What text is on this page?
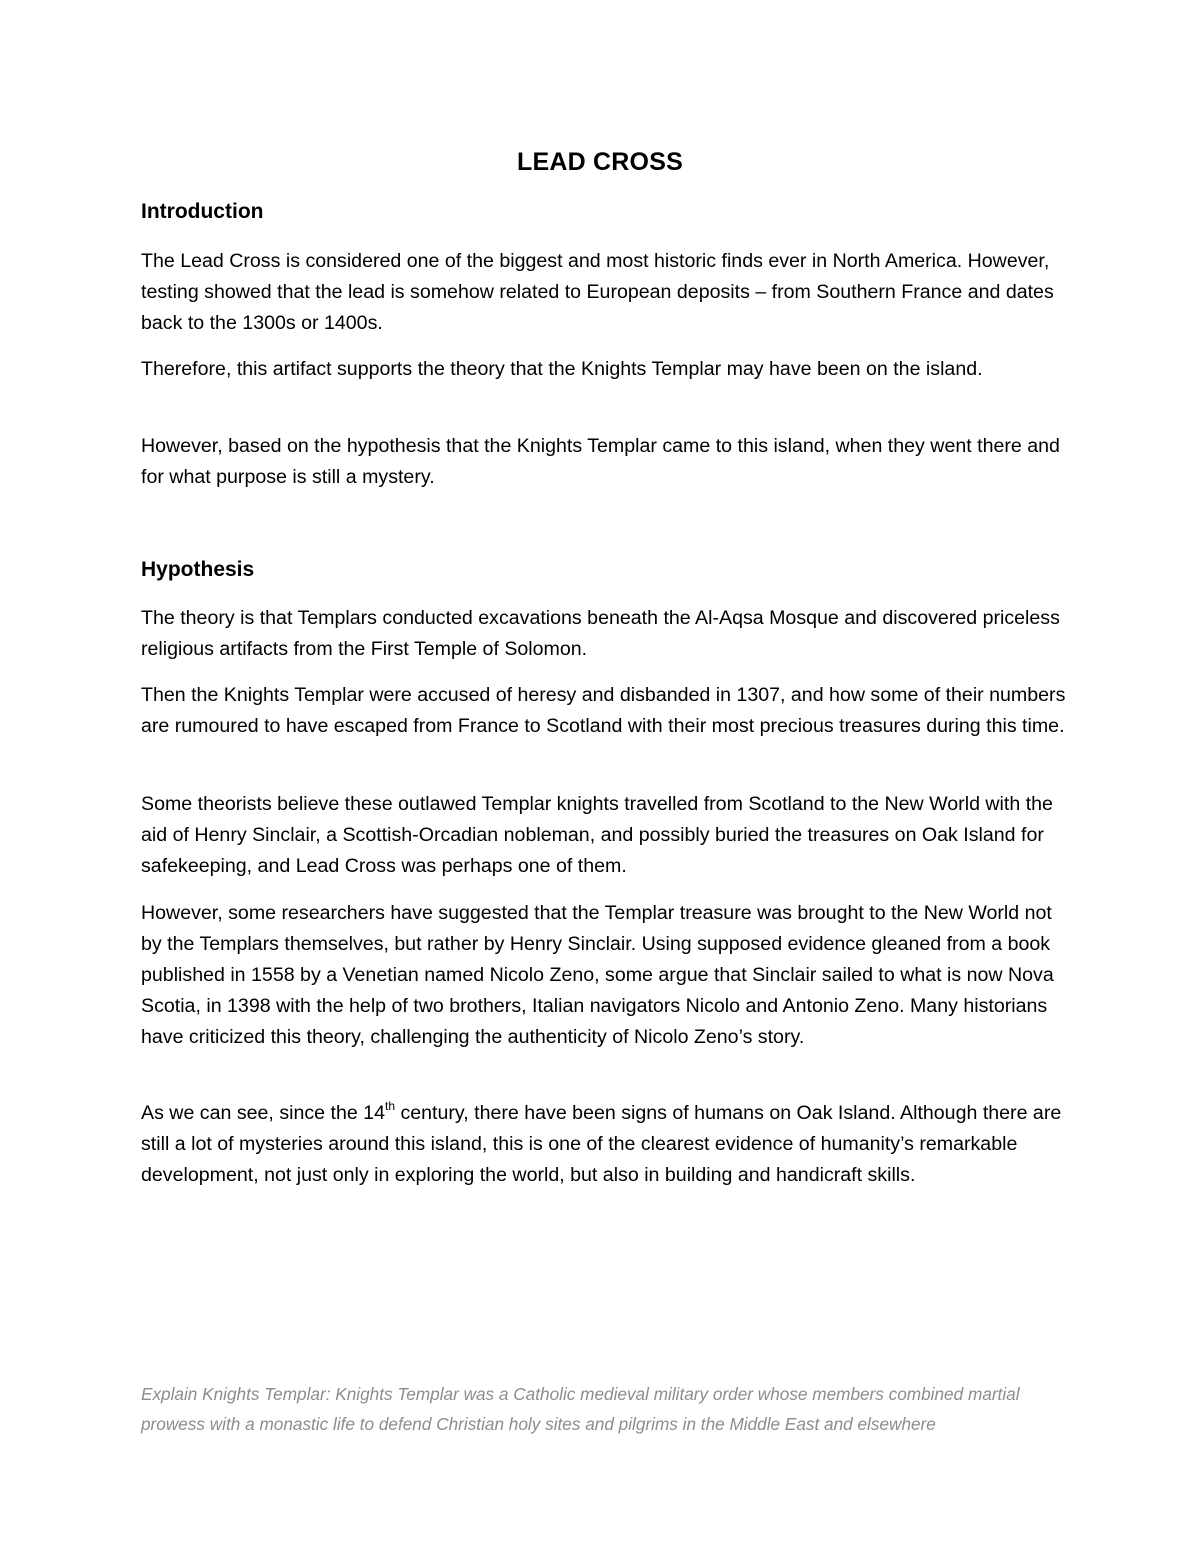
LEAD CROSS
Introduction

The Lead Cross is considered one of the biggest and most historic finds ever in North America. However, testing showed that the lead is somehow related to European deposits – from Southern France and dates back to the 1300s or 1400s.

Therefore, this artifact supports the theory that the Knights Templar may have been on the island.

However, based on the hypothesis that the Knights Templar came to this island, when they went there and for what purpose is still a mystery.

Hypothesis

The theory is that Templars conducted excavations beneath the Al-Aqsa Mosque and discovered priceless religious artifacts from the First Temple of Solomon.

Then the Knights Templar were accused of heresy and disbanded in 1307, and how some of their numbers are rumoured to have escaped from France to Scotland with their most precious treasures during this time.

Some theorists believe these outlawed Templar knights travelled from Scotland to the New World with the aid of Henry Sinclair, a Scottish-Orcadian nobleman, and possibly buried the treasures on Oak Island for safekeeping, and Lead Cross was perhaps one of them.

However, some researchers have suggested that the Templar treasure was brought to the New World not by the Templars themselves, but rather by Henry Sinclair. Using supposed evidence gleaned from a book published in 1558 by a Venetian named Nicolo Zeno, some argue that Sinclair sailed to what is now Nova Scotia, in 1398 with the help of two brothers, Italian navigators Nicolo and Antonio Zeno. Many historians have criticized this theory, challenging the authenticity of Nicolo Zeno’s story.

As we can see, since the 14th century, there have been signs of humans on Oak Island. Although there are still a lot of mysteries around this island, this is one of the clearest evidence of humanity’s remarkable development, not just only in exploring the world, but also in building and handicraft skills.

Explain Knights Templar: Knights Templar was a Catholic medieval military order whose members combined martial prowess with a monastic life to defend Christian holy sites and pilgrims in the Middle East and elsewhere
